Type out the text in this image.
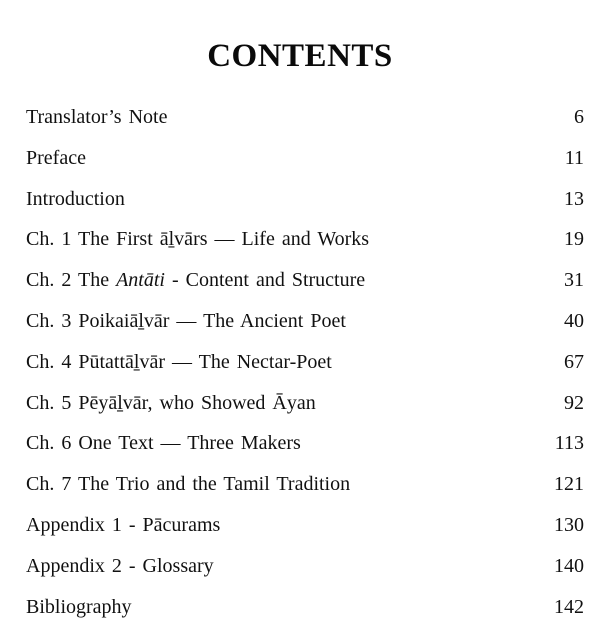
CONTENTS
Translator’s Note	6
Preface	11
Introduction	13
Ch. 1 The First āḻvārs — Life and Works	19
Ch. 2 The Antāti - Content and Structure	31
Ch. 3 Poikaiāḻvār — The Ancient Poet	40
Ch. 4 Pūtattāḻvār — The Nectar-Poet	67
Ch. 5 Pēyāḻvār, who Showed Āyan	92
Ch. 6 One Text — Three Makers	113
Ch. 7 The Trio and the Tamil Tradition	121
Appendix 1 - Pācurams	130
Appendix 2 - Glossary	140
Bibliography	142
